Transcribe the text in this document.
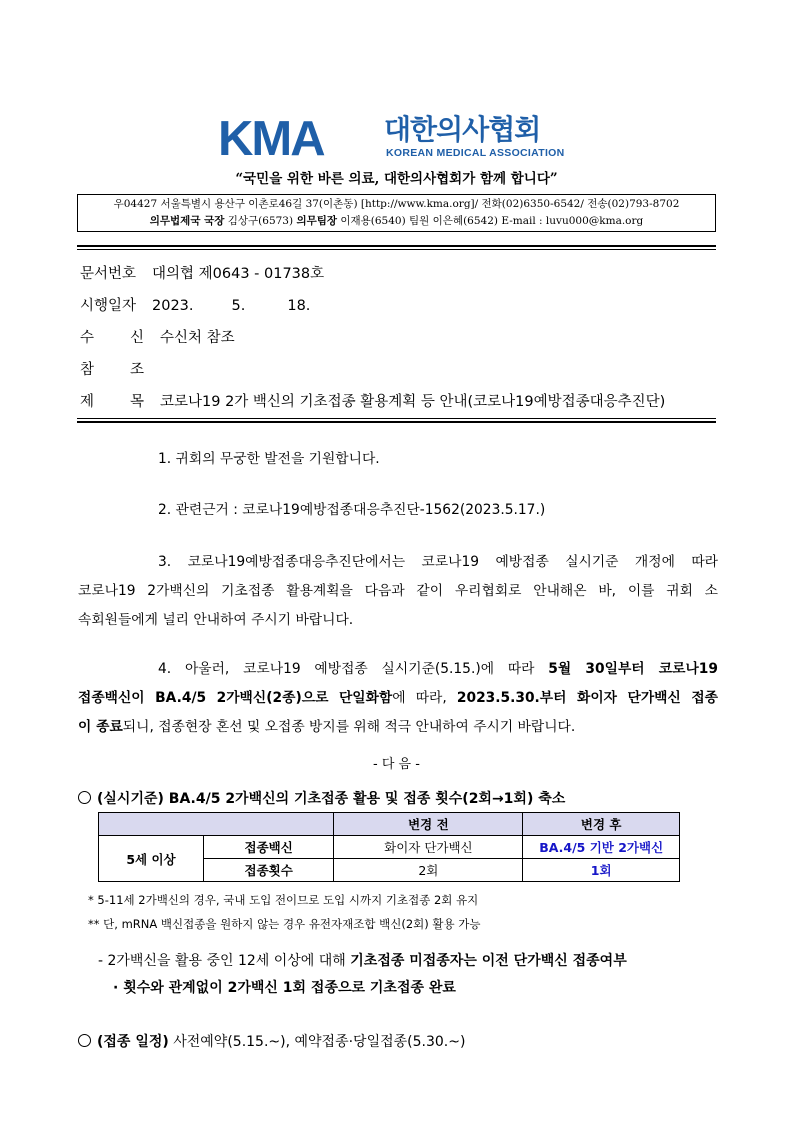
KMA 대한의사협회
KOREAN MEDICAL ASSOCIATION
“국민을 위한 바른 의료, 대한의사협회가 함께 합니다”
우04427 서울특별시 용산구 이촌로46길 37(이촌동) [http://www.kma.org]/ 전화(02)6350-6542/ 전송(02)793-8702
의무법제국 국장 김상구(6573) 의무팀장 이재용(6540) 팀원 이은혜(6542) E-mail : luvu000@kma.org
문서번호 대의협 제0643 - 01738호
시행일자 2023.	5.	18.
수 신 수신처 참조
참 조
제 목 코로나19 2가 백신의 기초접종 활용계획 등 안내(코로나19예방접종대응추진단)
1. 귀회의 무궁한 발전을 기원합니다.
2. 관련근거 : 코로나19예방접종대응추진단-1562(2023.5.17.)
3. 코로나19예방접종대응추진단에서는 코로나19 예방접종 실시기준 개정에 따라
코로나19 2가백신의 기초접종 활용계획을 다음과 같이 우리협회로 안내해온 바, 이를 귀회 소
속회원들에게 널리 안내하여 주시기 바랍니다.
4. 아울러, 코로나19 예방접종 실시기준(5.15.)에 따라 5월 30일부터 코로나19
접종백신이 BA.4/5 2가백신(2종)으로 단일화함에 따라, 2023.5.30.부터 화이자 단가백신 접종
이 종료되니, 접종현장 혼선 및 오접종 방지를 위해 적극 안내하여 주시기 바랍니다.
- 다 음 -
(실시기준) BA.4/5 2가백신의 기초접종 활용 및 접종 횟수(2회→1회) 축소
		변경 전	변경 후
5세 이상	접종백신	화이자 단가백신	BA.4/5 기반 2가백신
	접종횟수	2회	1회
* 5-11세 2가백신의 경우, 국내 도입 전이므로 도입 시까지 기초접종 2회 유지
** 단, mRNA 백신접종을 원하지 않는 경우 유전자재조합 백신(2회) 활용 가능
- 2가백신을 활용 중인 12세 이상에 대해 기초접종 미접종자는 이전 단가백신 접종여부
· 횟수와 관계없이 2가백신 1회 접종으로 기초접종 완료
(접종 일정) 사전예약(5.15.~), 예약접종·당일접종(5.30.~)
